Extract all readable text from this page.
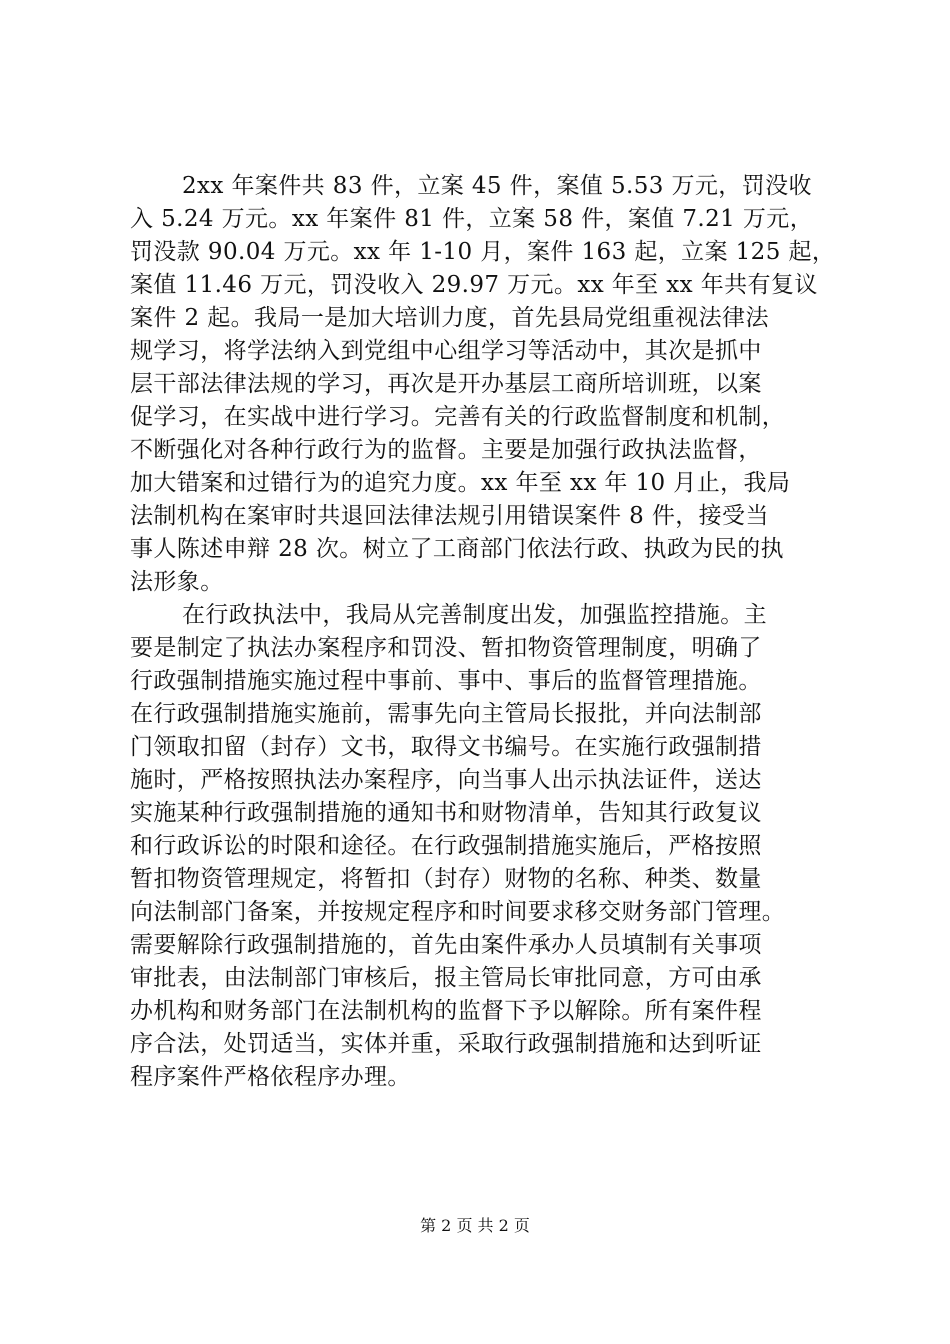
2xx 年案件共 83 件，立案 45 件，案值 5.53 万元，罚没收
入 5.24 万元。xx 年案件 81 件，立案 58 件，案值 7.21 万元，
罚没款 90.04 万元。xx 年 1-10 月，案件 163 起，立案 125 起，
案值 11.46 万元，罚没收入 29.97 万元。xx 年至 xx 年共有复议
案件 2 起。我局一是加大培训力度，首先县局党组重视法律法
规学习，将学法纳入到党组中心组学习等活动中，其次是抓中
层干部法律法规的学习，再次是开办基层工商所培训班，以案
促学习，在实战中进行学习。完善有关的行政监督制度和机制，
不断强化对各种行政行为的监督。主要是加强行政执法监督，
加大错案和过错行为的追究力度。xx 年至 xx 年 10 月止，我局
法制机构在案审时共退回法律法规引用错误案件 8 件，接受当
事人陈述申辩 28 次。树立了工商部门依法行政、执政为民的执
法形象。
在行政执法中，我局从完善制度出发，加强监控措施。主
要是制定了执法办案程序和罚没、暂扣物资管理制度，明确了
行政强制措施实施过程中事前、事中、事后的监督管理措施。
在行政强制措施实施前，需事先向主管局长报批，并向法制部
门领取扣留（封存）文书，取得文书编号。在实施行政强制措
施时，严格按照执法办案程序，向当事人出示执法证件，送达
实施某种行政强制措施的通知书和财物清单，告知其行政复议
和行政诉讼的时限和途径。在行政强制措施实施后，严格按照
暂扣物资管理规定，将暂扣（封存）财物的名称、种类、数量
向法制部门备案，并按规定程序和时间要求移交财务部门管理。
需要解除行政强制措施的，首先由案件承办人员填制有关事项
审批表，由法制部门审核后，报主管局长审批同意，方可由承
办机构和财务部门在法制机构的监督下予以解除。所有案件程
序合法，处罚适当，实体并重，采取行政强制措施和达到听证
程序案件严格依程序办理。
第 2 页 共 2 页
